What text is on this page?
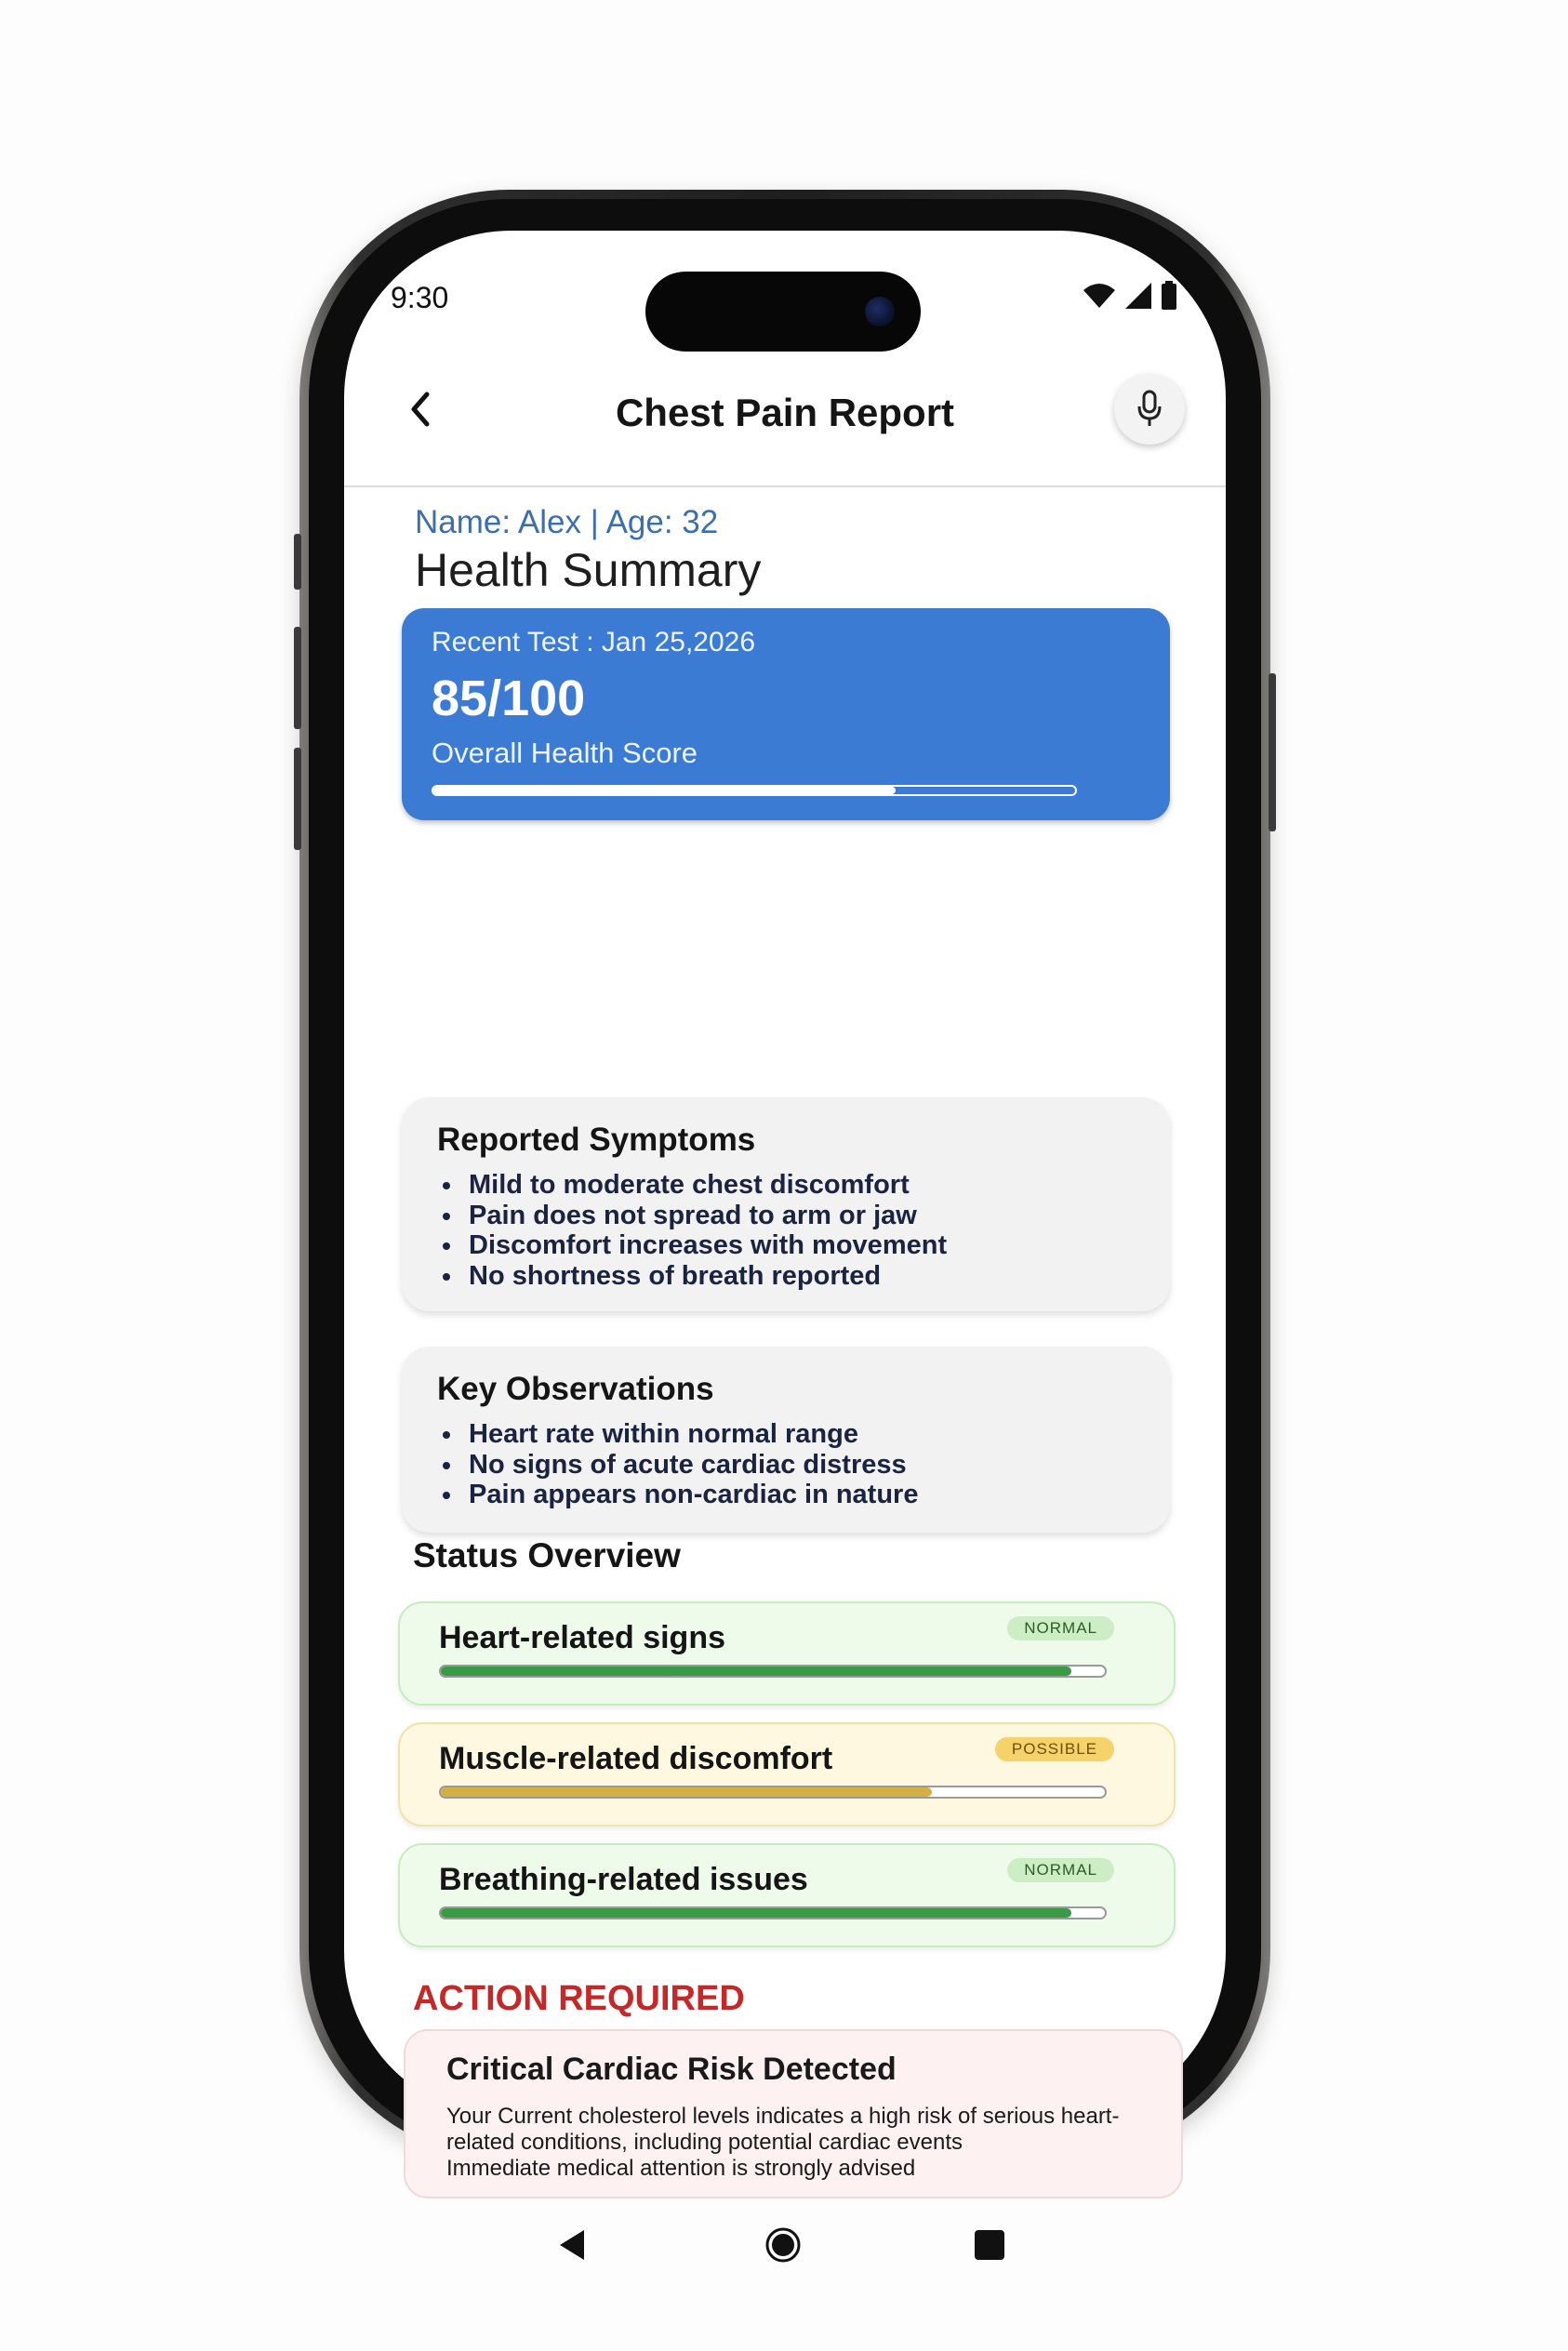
9:30
Chest Pain Report
Name: Alex | Age: 32
Health Summary
Recent Test : Jan 25,2026
85/100
Overall Health Score
Reported Symptoms
Mild to moderate chest discomfort
Pain does not spread to arm or jaw
Discomfort increases with movement
No shortness of breath reported
Key Observations
Heart rate within normal range
No signs of acute cardiac distress
Pain appears non-cardiac in nature
Status Overview
Heart-related signs	NORMAL
Muscle-related discomfort	POSSIBLE
Breathing-related issues	NORMAL
ACTION REQUIRED
Critical Cardiac Risk Detected
Your Current cholesterol levels indicates a high risk of serious heart-
related conditions, including potential cardiac events
Immediate medical attention is strongly advised
